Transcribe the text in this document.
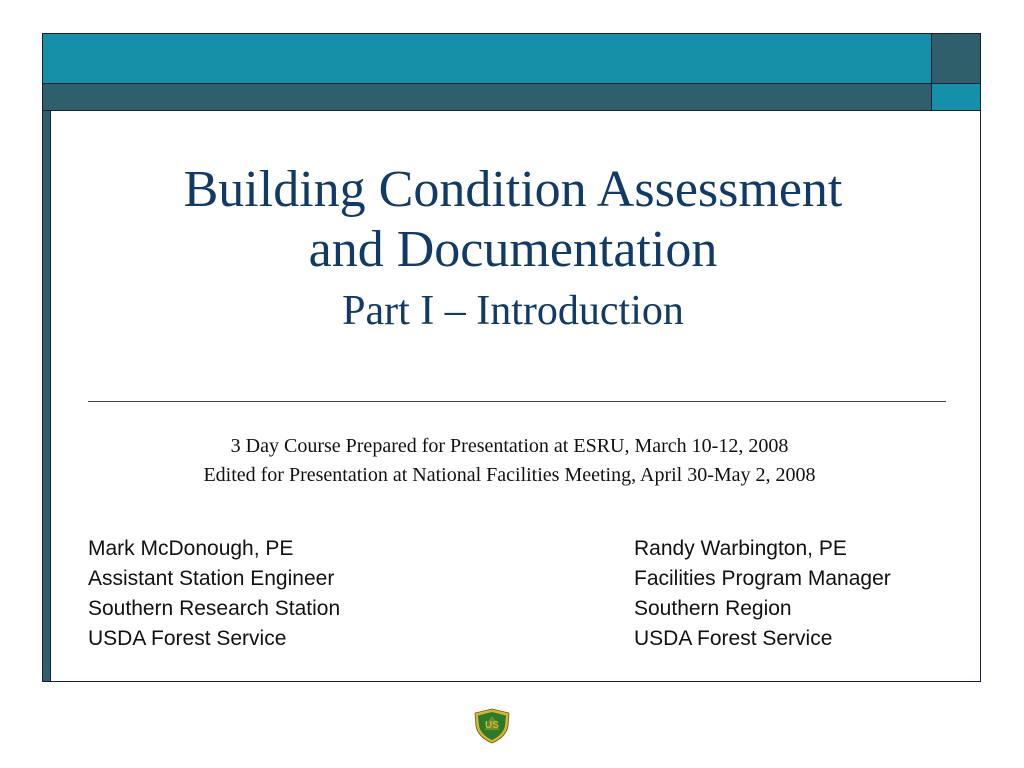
Building Condition Assessment

and Documentation

Part I – Introduction

3 Day Course Prepared for Presentation at ESRU, March 10-12, 2008
Edited for Presentation at National Facilities Meeting, April 30-May 2, 2008
Mark McDonough, PE
Assistant Station Engineer
Southern Research Station
USDA Forest Service
Randy Warbington, PE
Facilities Program Manager
Southern Region
USDA Forest Service
US
